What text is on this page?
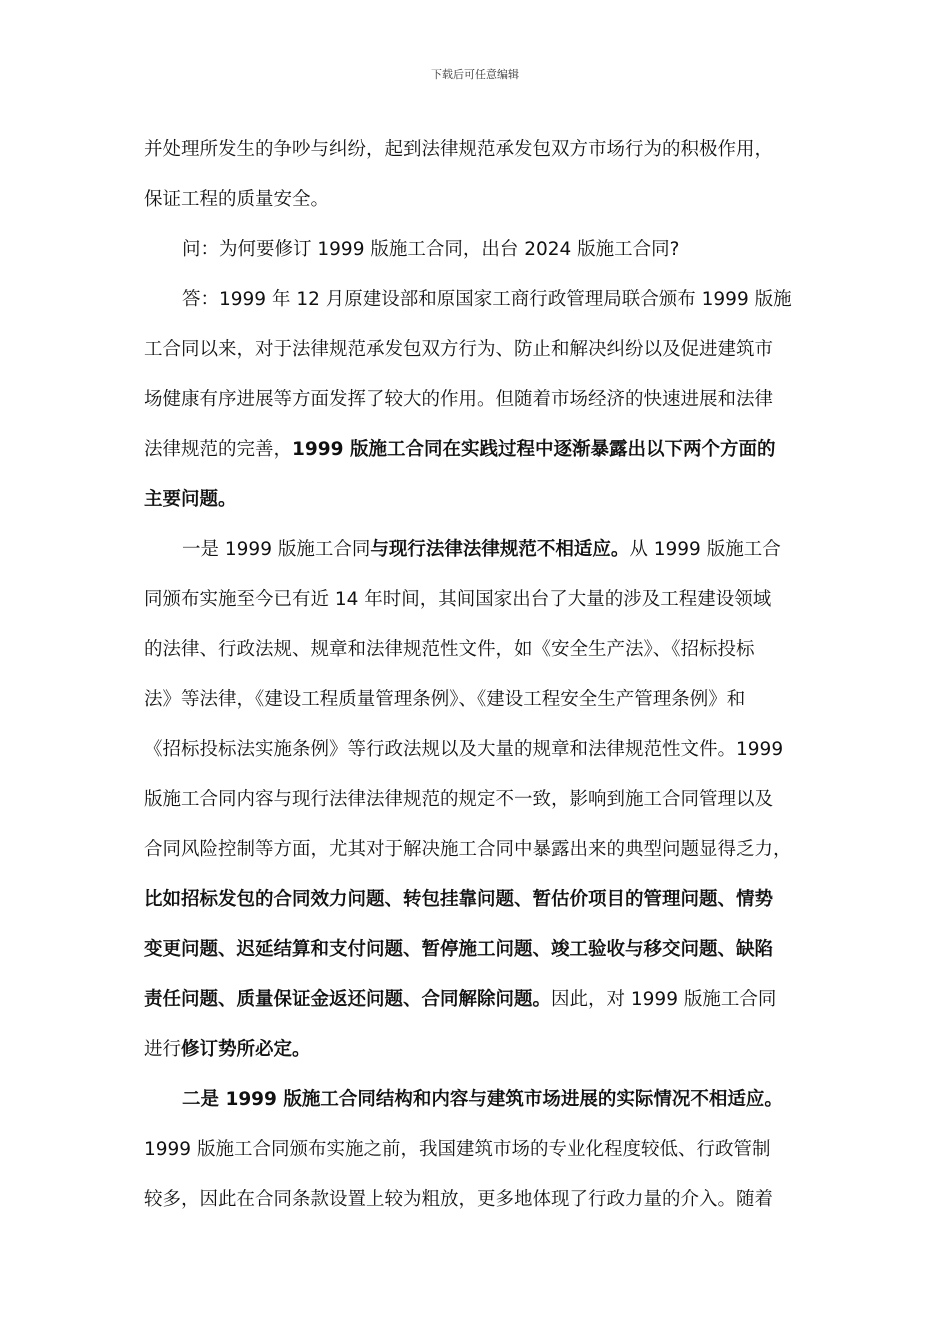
下载后可任意编辑
并处理所发生的争吵与纠纷，起到法律规范承发包双方市场行为的积极作用，
保证工程的质量安全。
问：为何要修订 1999 版施工合同，出台 2024 版施工合同?
答：1999 年 12 月原建设部和原国家工商行政管理局联合颁布 1999 版施
工合同以来，对于法律规范承发包双方行为、防止和解决纠纷以及促进建筑市
场健康有序进展等方面发挥了较大的作用。但随着市场经济的快速进展和法律
法律规范的完善，1999 版施工合同在实践过程中逐渐暴露出以下两个方面的
主要问题。
一是 1999 版施工合同与现行法律法律规范不相适应。从 1999 版施工合
同颁布实施至今已有近 14 年时间，其间国家出台了大量的涉及工程建设领域
的法律、行政法规、规章和法律规范性文件，如《安全生产法》、《招标投标
法》等法律，《建设工程质量管理条例》、《建设工程安全生产管理条例》和
《招标投标法实施条例》等行政法规以及大量的规章和法律规范性文件。1999
版施工合同内容与现行法律法律规范的规定不一致，影响到施工合同管理以及
合同风险控制等方面，尤其对于解决施工合同中暴露出来的典型问题显得乏力，
比如招标发包的合同效力问题、转包挂靠问题、暂估价项目的管理问题、情势
变更问题、迟延结算和支付问题、暂停施工问题、竣工验收与移交问题、缺陷
责任问题、质量保证金返还问题、合同解除问题。因此，对 1999 版施工合同
进行修订势所必定。
二是 1999 版施工合同结构和内容与建筑市场进展的实际情况不相适应。
1999 版施工合同颁布实施之前，我国建筑市场的专业化程度较低、行政管制
较多，因此在合同条款设置上较为粗放，更多地体现了行政力量的介入。随着
